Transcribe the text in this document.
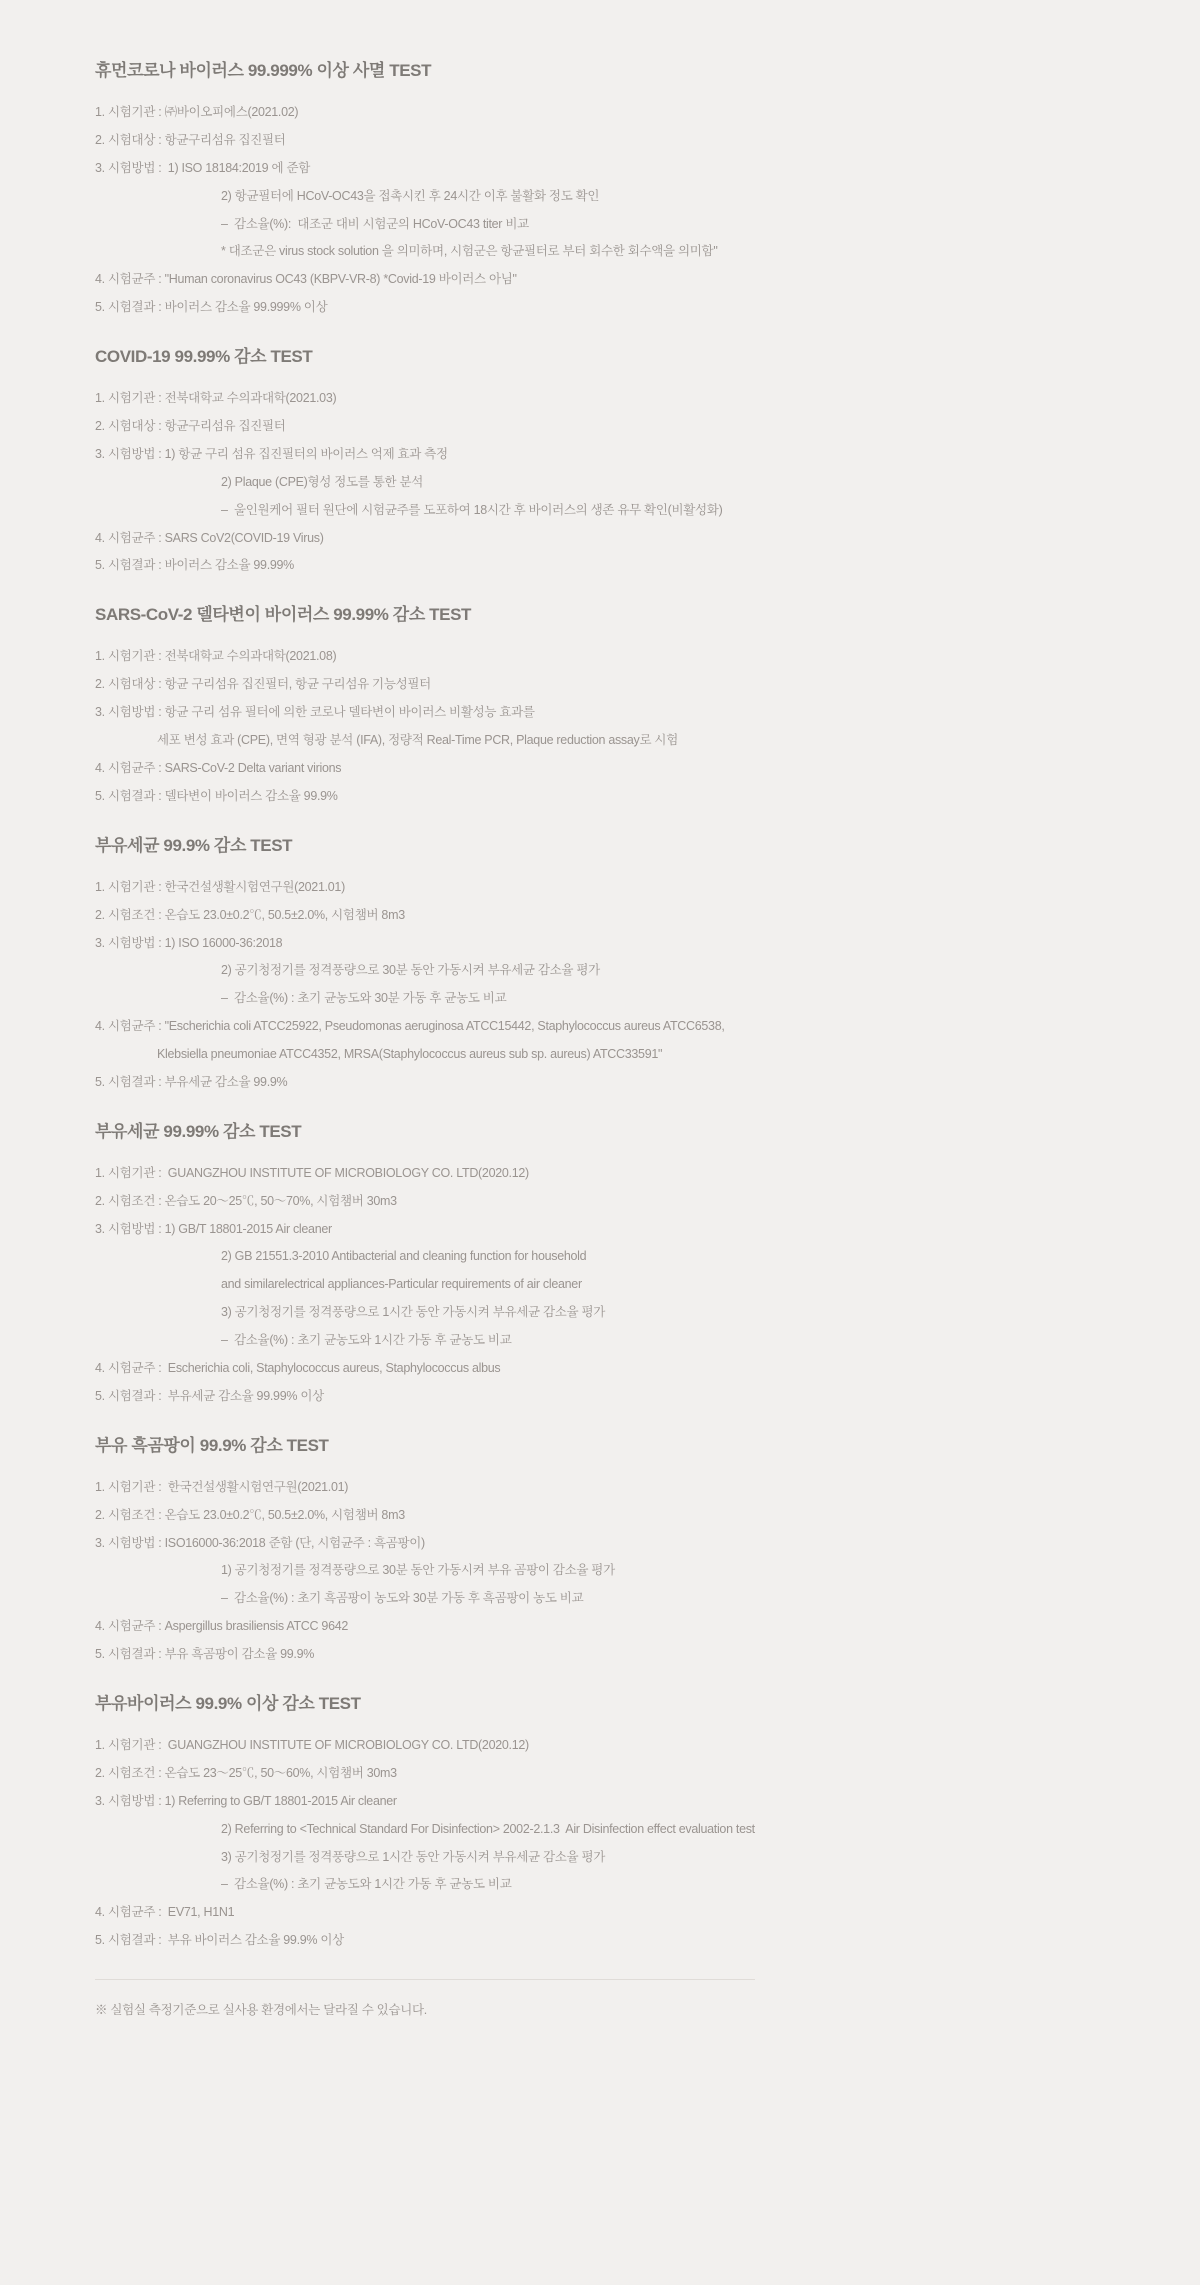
휴먼코로나 바이러스 99.999% 이상 사멸 TEST
1. 시험기관 : ㈜바이오피에스(2021.02)
2. 시험대상 : 항균구리섬유 집진필터
3. 시험방법 :  1) ISO 18184:2019 에 준함
2) 항균필터에 HCoV-OC43을 접촉시킨 후 24시간 이후 불활화 정도 확인
–  감소율(%):  대조군 대비 시험군의 HCoV-OC43 titer 비교
* 대조군은 virus stock solution 을 의미하며, 시험군은 항균필터로 부터 회수한 회수액을 의미함"
4. 시험균주 : "Human coronavirus OC43 (KBPV-VR-8) *Covid-19 바이러스 아님"
5. 시험결과 : 바이러스 감소율 99.999% 이상
COVID-19 99.99% 감소 TEST
1. 시험기관 : 전북대학교 수의과대학(2021.03)
2. 시험대상 : 항균구리섬유 집진필터
3. 시험방법 : 1) 항균 구리 섬유 집진필터의 바이러스 억제 효과 측정
2) Plaque (CPE)형성 정도를 통한 분석
–  울인원케어 필터 원단에 시험균주를 도포하여 18시간 후 바이러스의 생존 유무 확인(비활성화)
4. 시험균주 : SARS CoV2(COVID-19 Virus)
5. 시험결과 : 바이러스 감소율 99.99%
SARS-CoV-2 델타변이 바이러스 99.99% 감소 TEST
1. 시험기관 : 전북대학교 수의과대학(2021.08)
2. 시험대상 : 항균 구리섬유 집진필터, 항균 구리섬유 기능성필터
3. 시험방법 : 항균 구리 섬유 필터에 의한 코로나 델타변이 바이러스 비활성능 효과를
세포 변성 효과 (CPE), 면역 형광 분석 (IFA), 정량적 Real-Time PCR, Plaque reduction assay로 시험
4. 시험균주 : SARS-CoV-2 Delta variant virions
5. 시험결과 : 델타변이 바이러스 감소율 99.9%
부유세균 99.9% 감소 TEST
1. 시험기관 : 한국건설생활시험연구원(2021.01)
2. 시험조건 : 온습도 23.0±0.2℃, 50.5±2.0%, 시험챔버 8m3
3. 시험방법 : 1) ISO 16000-36:2018
2) 공기청정기를 정격풍량으로 30분 동안 가동시켜 부유세균 감소율 평가
–  감소율(%) : 초기 균농도와 30분 가동 후 균농도 비교
4. 시험균주 : "Escherichia coli ATCC25922, Pseudomonas aeruginosa ATCC15442, Staphylococcus aureus ATCC6538,
Klebsiella pneumoniae ATCC4352, MRSA(Staphylococcus aureus sub sp. aureus) ATCC33591"
5. 시험결과 : 부유세균 감소율 99.9%
부유세균 99.99% 감소 TEST
1. 시험기관 :  GUANGZHOU INSTITUTE OF MICROBIOLOGY CO. LTD(2020.12)
2. 시험조건 : 온습도 20〜25℃, 50〜70%, 시험챔버 30m3
3. 시험방법 : 1) GB/T 18801-2015 Air cleaner
2) GB 21551.3-2010 Antibacterial and cleaning function for household
and similarelectrical appliances-Particular requirements of air cleaner
3) 공기청정기를 정격풍량으로 1시간 동안 가동시켜 부유세균 감소율 평가
–  감소율(%) : 초기 균농도와 1시간 가동 후 균농도 비교
4. 시험균주 :  Escherichia coli, Staphylococcus aureus, Staphylococcus albus
5. 시험결과 :  부유세균 감소율 99.99% 이상
부유 흑곰팡이 99.9% 감소 TEST
1. 시험기관 :  한국건설생활시험연구원(2021.01)
2. 시험조건 : 온습도 23.0±0.2℃, 50.5±2.0%, 시험챔버 8m3
3. 시험방법 : ISO16000-36:2018 준함 (단, 시험균주 : 흑곰팡이)
1) 공기청정기를 정격풍량으로 30분 동안 가동시켜 부유 곰팡이 감소율 평가
–  감소율(%) : 초기 흑곰팡이 농도와 30분 가동 후 흑곰팡이 농도 비교
4. 시험균주 : Aspergillus brasiliensis ATCC 9642
5. 시험결과 : 부유 흑곰팡이 감소율 99.9%
부유바이러스 99.9% 이상 감소 TEST
1. 시험기관 :  GUANGZHOU INSTITUTE OF MICROBIOLOGY CO. LTD(2020.12)
2. 시험조건 : 온습도 23〜25℃, 50〜60%, 시험챔버 30m3
3. 시험방법 : 1) Referring to GB/T 18801-2015 Air cleaner
2) Referring to <Technical Standard For Disinfection> 2002-2.1.3  Air Disinfection effect evaluation test
3) 공기청정기를 정격풍량으로 1시간 동안 가동시켜 부유세균 감소율 평가
–  감소율(%) : 초기 균농도와 1시간 가동 후 균농도 비교
4. 시험균주 :  EV71, H1N1
5. 시험결과 :  부유 바이러스 감소율 99.9% 이상
※ 실험실 측정기준으로 실사용 환경에서는 달라질 수 있습니다.
